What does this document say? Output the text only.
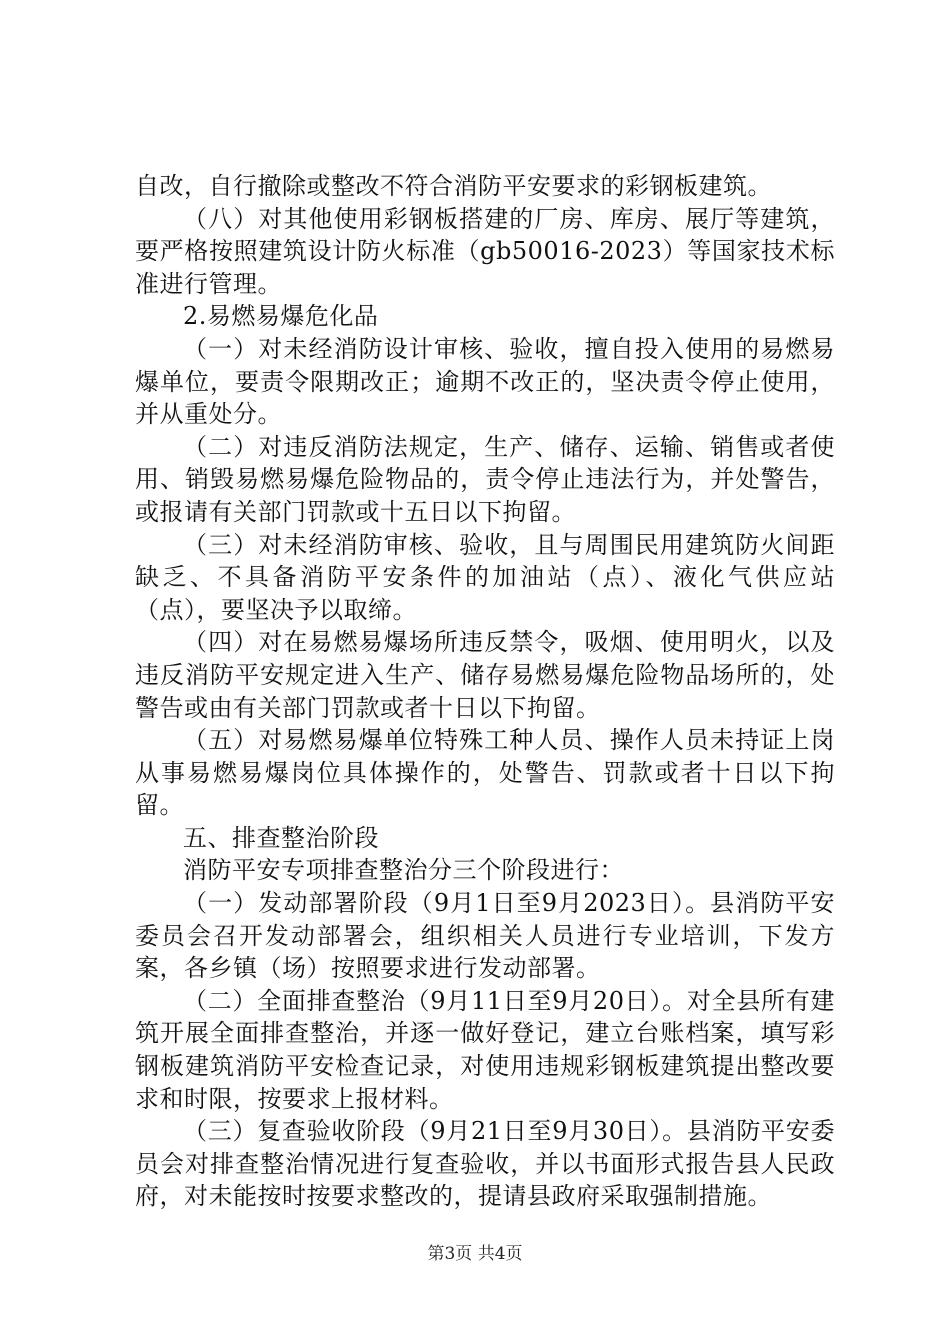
自改，自行撤除或整改不符合消防平安要求的彩钢板建筑。

（八）对其他使用彩钢板搭建的厂房、库房、展厅等建筑，要严格按照建筑设计防火标准（gb50016-2023）等国家技术标准进行管理。

2.易燃易爆危化品

（一）对未经消防设计审核、验收，擅自投入使用的易燃易爆单位，要责令限期改正；逾期不改正的，坚决责令停止使用，并从重处分。

（二）对违反消防法规定，生产、储存、运输、销售或者使用、销毁易燃易爆危险物品的，责令停止违法行为，并处警告，或报请有关部门罚款或十五日以下拘留。

（三）对未经消防审核、验收，且与周围民用建筑防火间距缺乏、不具备消防平安条件的加油站（点）、液化气供应站（点），要坚决予以取缔。

（四）对在易燃易爆场所违反禁令，吸烟、使用明火，以及违反消防平安规定进入生产、储存易燃易爆危险物品场所的，处警告或由有关部门罚款或者十日以下拘留。

（五）对易燃易爆单位特殊工种人员、操作人员未持证上岗从事易燃易爆岗位具体操作的，处警告、罚款或者十日以下拘留。

五、排查整治阶段

消防平安专项排查整治分三个阶段进行：

（一）发动部署阶段（9月1日至9月2023日）。县消防平安委员会召开发动部署会，组织相关人员进行专业培训，下发方案，各乡镇（场）按照要求进行发动部署。

（二）全面排查整治（9月11日至9月20日）。对全县所有建筑开展全面排查整治，并逐一做好登记，建立台账档案，填写彩钢板建筑消防平安检查记录，对使用违规彩钢板建筑提出整改要求和时限，按要求上报材料。

（三）复查验收阶段（9月21日至9月30日）。县消防平安委员会对排查整治情况进行复查验收，并以书面形式报告县人民政府，对未能按时按要求整改的，提请县政府采取强制措施。

第3页 共4页
